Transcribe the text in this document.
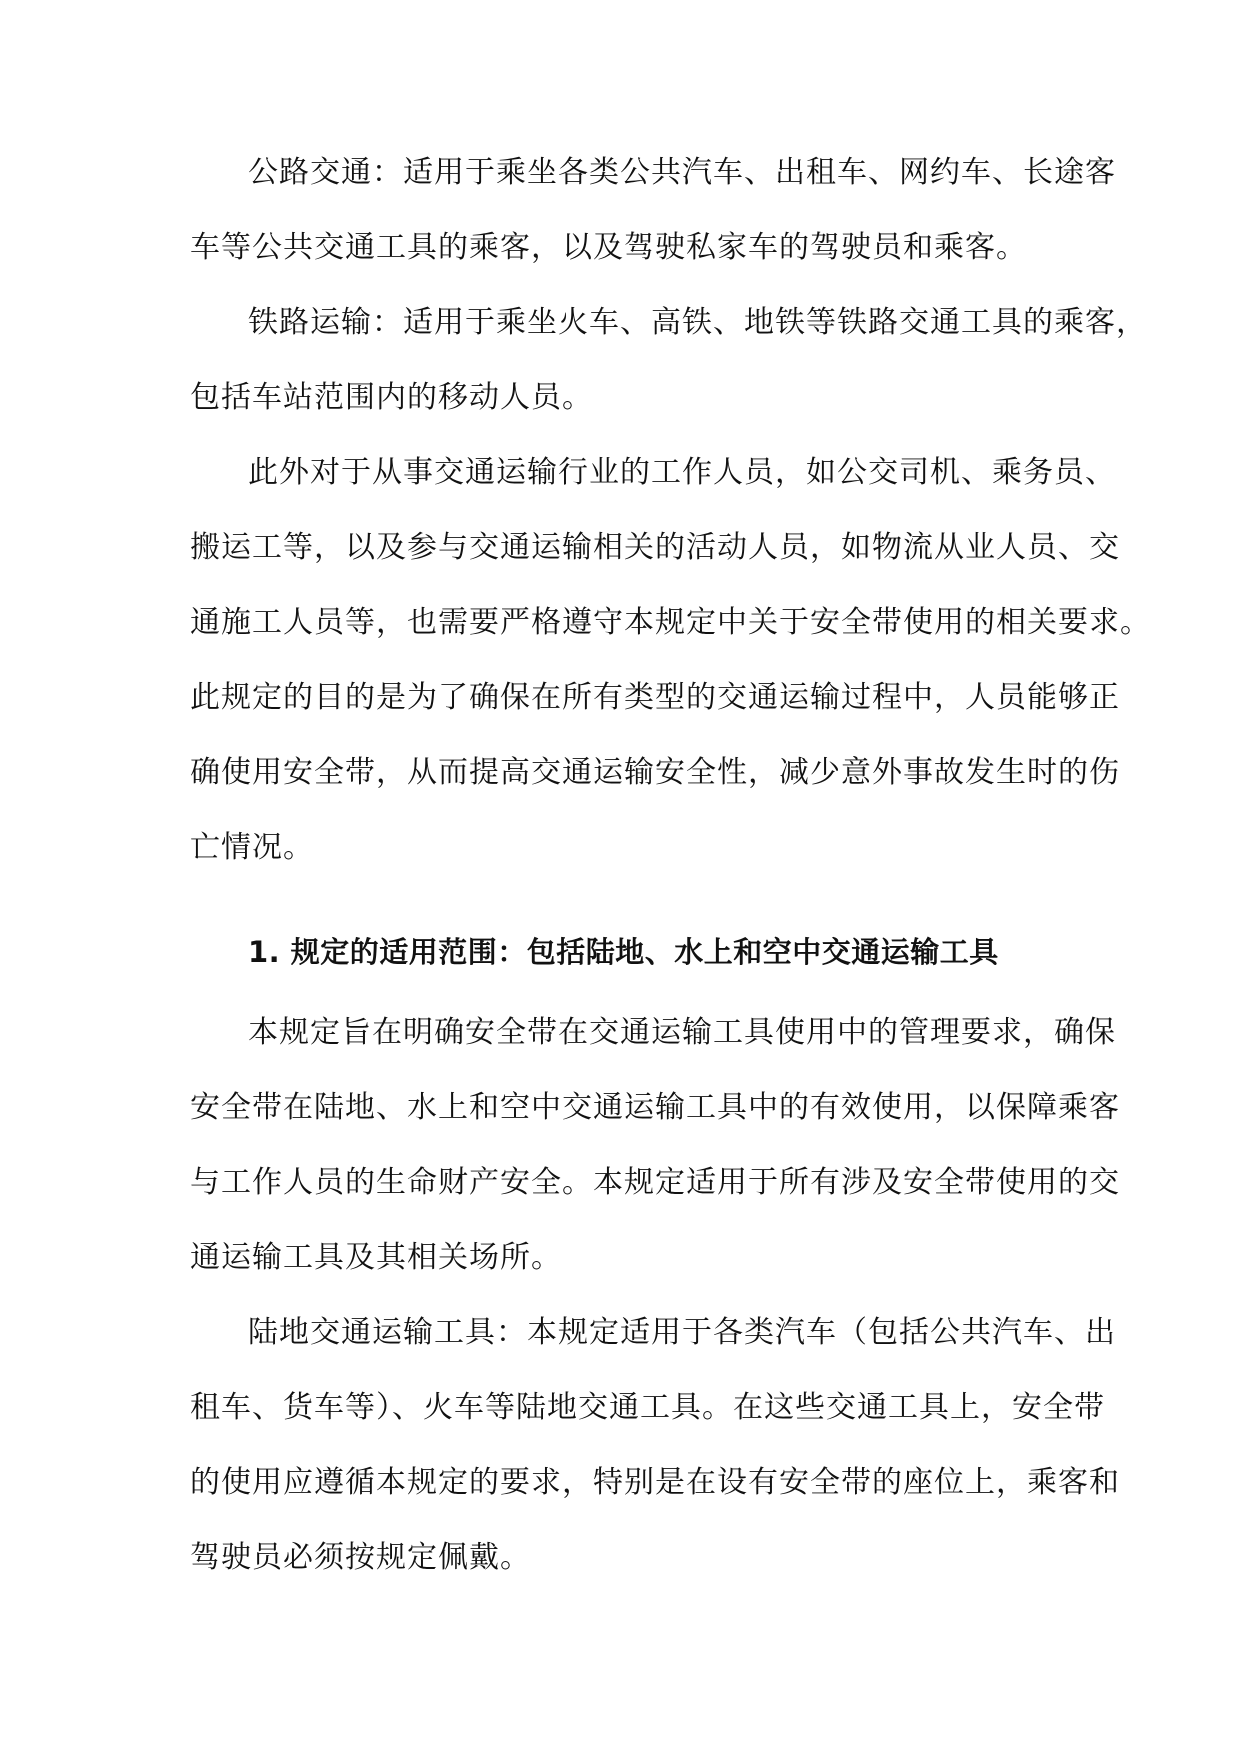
公路交通：适用于乘坐各类公共汽车、出租车、网约车、长途客

车等公共交通工具的乘客，以及驾驶私家车的驾驶员和乘客。

铁路运输：适用于乘坐火车、高铁、地铁等铁路交通工具的乘客，

包括车站范围内的移动人员。

此外对于从事交通运输行业的工作人员，如公交司机、乘务员、

搬运工等，以及参与交通运输相关的活动人员，如物流从业人员、交

通施工人员等，也需要严格遵守本规定中关于安全带使用的相关要求。

此规定的目的是为了确保在所有类型的交通运输过程中，人员能够正

确使用安全带，从而提高交通运输安全性，减少意外事故发生时的伤

亡情况。

1. 规定的适用范围：包括陆地、水上和空中交通运输工具

本规定旨在明确安全带在交通运输工具使用中的管理要求，确保

安全带在陆地、水上和空中交通运输工具中的有效使用，以保障乘客

与工作人员的生命财产安全。本规定适用于所有涉及安全带使用的交

通运输工具及其相关场所。

陆地交通运输工具：本规定适用于各类汽车（包括公共汽车、出

租车、货车等）、火车等陆地交通工具。在这些交通工具上，安全带

的使用应遵循本规定的要求，特别是在设有安全带的座位上，乘客和

驾驶员必须按规定佩戴。
